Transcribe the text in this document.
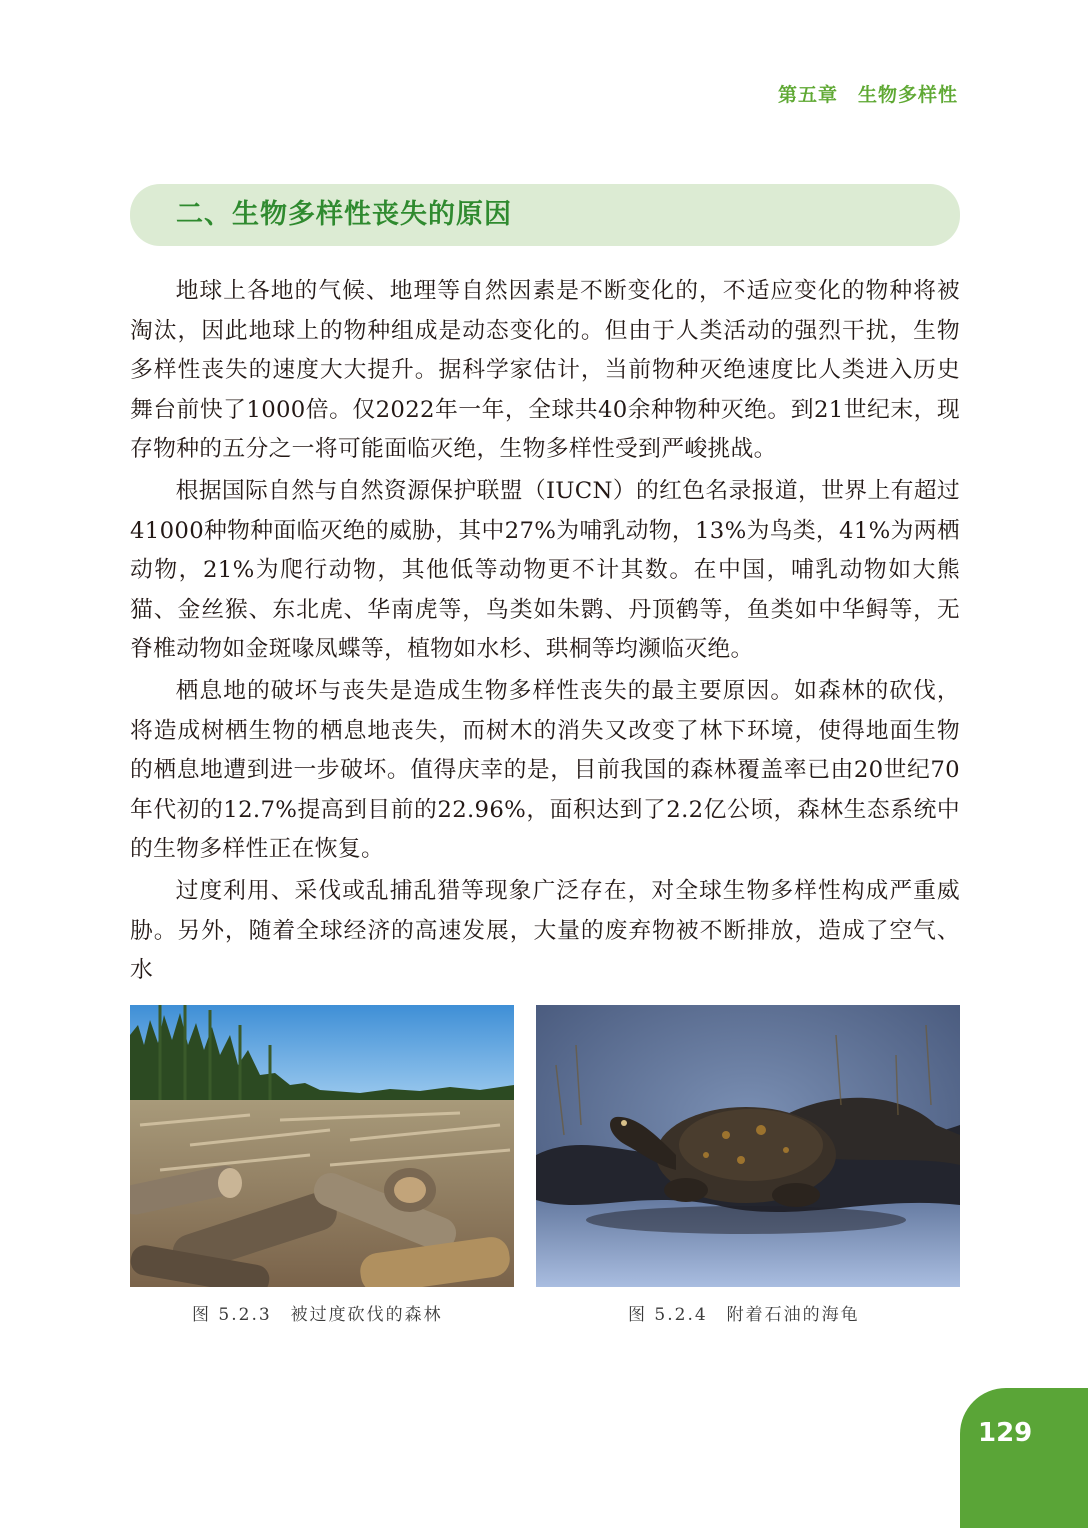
第五章 生物多样性
二、生物多样性丧失的原因

地球上各地的气候、地理等自然因素是不断变化的，不适应变化的物种将被淘汰，因此地球上的物种组成是动态变化的。但由于人类活动的强烈干扰，生物多样性丧失的速度大大提升。据科学家估计，当前物种灭绝速度比人类进入历史舞台前快了1000倍。仅2022年一年，全球共40余种物种灭绝。到21世纪末，现存物种的五分之一将可能面临灭绝，生物多样性受到严峻挑战。

根据国际自然与自然资源保护联盟（IUCN）的红色名录报道，世界上有超过41000种物种面临灭绝的威胁，其中27%为哺乳动物，13%为鸟类，41%为两栖动物，21%为爬行动物，其他低等动物更不计其数。在中国，哺乳动物如大熊猫、金丝猴、东北虎、华南虎等，鸟类如朱鹮、丹顶鹤等，鱼类如中华鲟等，无脊椎动物如金斑喙凤蝶等，植物如水杉、珙桐等均濒临灭绝。

栖息地的破坏与丧失是造成生物多样性丧失的最主要原因。如森林的砍伐，将造成树栖生物的栖息地丧失，而树木的消失又改变了林下环境，使得地面生物的栖息地遭到进一步破坏。值得庆幸的是，目前我国的森林覆盖率已由20世纪70年代初的12.7%提高到目前的22.96%，面积达到了2.2亿公顷，森林生态系统中的生物多样性正在恢复。

过度利用、采伐或乱捕乱猎等现象广泛存在，对全球生物多样性构成严重威胁。另外，随着全球经济的高速发展，大量的废弃物被不断排放，造成了空气、水

图 5.2.3　被过度砍伐的森林	图 5.2.4　附着石油的海龟
129
